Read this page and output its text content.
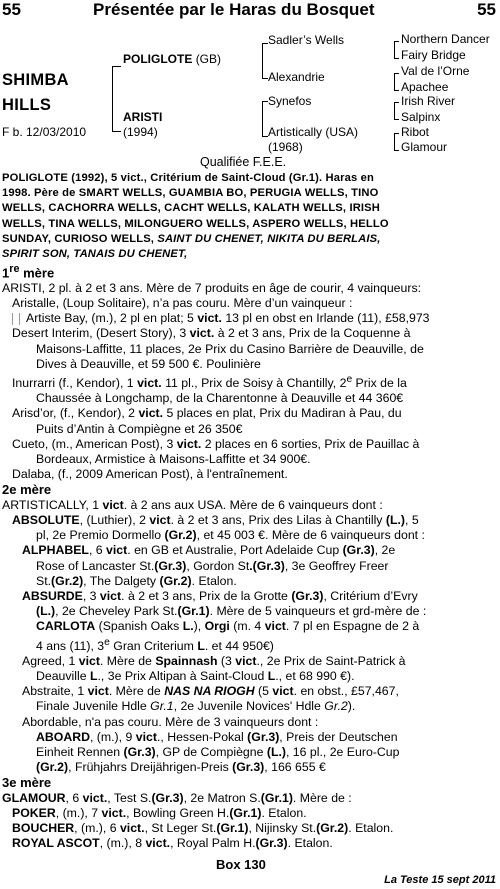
55	Présentée par le Haras du Bosquet	55
SHIMBA
HILLS
F b. 12/03/2010
POLIGLOTE (GB)
ARISTI
(1994)
Sadler’s Wells
Alexandrie
Synefos
Artistically (USA)
(1968)
Northern Dancer
Fairy Bridge
Val de l’Orne
Apachee
Irish River
Salpinx
Ribot
Glamour
Qualifiée F.E.E.

POLIGLOTE (1992), 5 vict., Critérium de Saint-Cloud (Gr.1). Haras en

1998. Père de SMART WELLS, GUAMBIA BO, PERUGIA WELLS, TINO

WELLS, CACHORRA WELLS, CACHT WELLS, KALATH WELLS, IRISH

WELLS, TINA WELLS, MILONGUERO WELLS, ASPERO WELLS, HELLO

SUNDAY, CURIOSO WELLS, SAINT DU CHENET, NIKITA DU BERLAIS,

SPIRIT SON, TANAIS DU CHENET,

1re mère

ARISTI, 2 pl. à 2 et 3 ans. Mère de 7 produits en âge de courir, 4 vainqueurs:

Aristalle, (Loup Solitaire), n’a pas couru. Mère d’un vainqueur :

Artiste Bay, (m.), 2 pl en plat; 5 vict. 13 pl en obst en Irlande (11), £58,973

Desert Interim, (Desert Story), 3 vict. à 2 et 3 ans, Prix de la Coquenne à

Maisons-Laffitte, 11 places, 2e Prix du Casino Barrière de Deauville, de

Dives à Deauville, et 59 500 €. Poulinière

Inurrarri (f., Kendor), 1 vict. 11 pl., Prix de Soisy à Chantilly, 2e Prix de la

Chaussée à Longchamp, de la Charentonne à Deauville et 44 360€

Arisd’or, (f., Kendor), 2 vict. 5 places en plat, Prix du Madiran à Pau, du

Puits d’Antin à Compiègne et 26 350€

Cueto, (m., American Post), 3 vict. 2 places en 6 sorties, Prix de Pauillac à

Bordeaux, Armistice à Maisons-Laffitte et 34 900€.

Dalaba, (f., 2009 American Post), à l'entraînement.

2e mère

ARTISTICALLY, 1 vict. à 2 ans aux USA. Mère de 6 vainqueurs dont :

ABSOLUTE, (Luthier), 2 vict. à 2 et 3 ans, Prix des Lilas à Chantilly (L.), 5

pl, 2e Premio Dormello (Gr.2), et 45 003 €. Mère de 6 vainqueurs dont :

ALPHABEL, 6 vict. en GB et Australie, Port Adelaide Cup (Gr.3), 2e

Rose of Lancaster St.(Gr.3), Gordon St.(Gr.3), 3e Geoffrey Freer

St.(Gr.2), The Dalgety (Gr.2). Etalon.

ABSURDE, 3 vict. à 2 et 3 ans, Prix de la Grotte (Gr.3), Critérium d’Evry

(L.), 2e Cheveley Park St.(Gr.1). Mère de 5 vainqueurs et grd-mère de :

CARLOTA (Spanish Oaks L.), Orgi (m. 4 vict. 7 pl en Espagne de 2 à

4 ans (11), 3e Gran Criterium L. et 44 950€)

Agreed, 1 vict. Mère de Spainnash (3 vict., 2e Prix de Saint-Patrick à

Deauville L., 3e Prix Altipan à Saint-Cloud L., et 68 990 €).

Abstraite, 1 vict. Mère de NAS NA RIOGH (5 vict. en obst., £57,467,

Finale Juvenile Hdle Gr.1, 2e Juvenile Novices' Hdle Gr.2).

Abordable, n'a pas couru. Mère de 3 vainqueurs dont :

ABOARD, (m.), 9 vict., Hessen-Pokal (Gr.3), Preis der Deutschen

Einheit Rennen (Gr.3), GP de Compiègne (L.), 16 pl., 2e Euro-Cup

(Gr.2), Frühjahrs Dreijährigen-Preis (Gr.3), 166 655 €

3e mère

GLAMOUR, 6 vict., Test S.(Gr.3), 2e Matron S.(Gr.1). Mère de :

POKER, (m.), 7 vict., Bowling Green H.(Gr.1). Etalon.

BOUCHER, (m.), 6 vict., St Leger St.(Gr.1), Nijinsky St.(Gr.2). Etalon.

ROYAL ASCOT, (m.), 8 vict., Royal Palm H.(Gr.3). Etalon.

Box 130
La Teste 15 sept 2011
